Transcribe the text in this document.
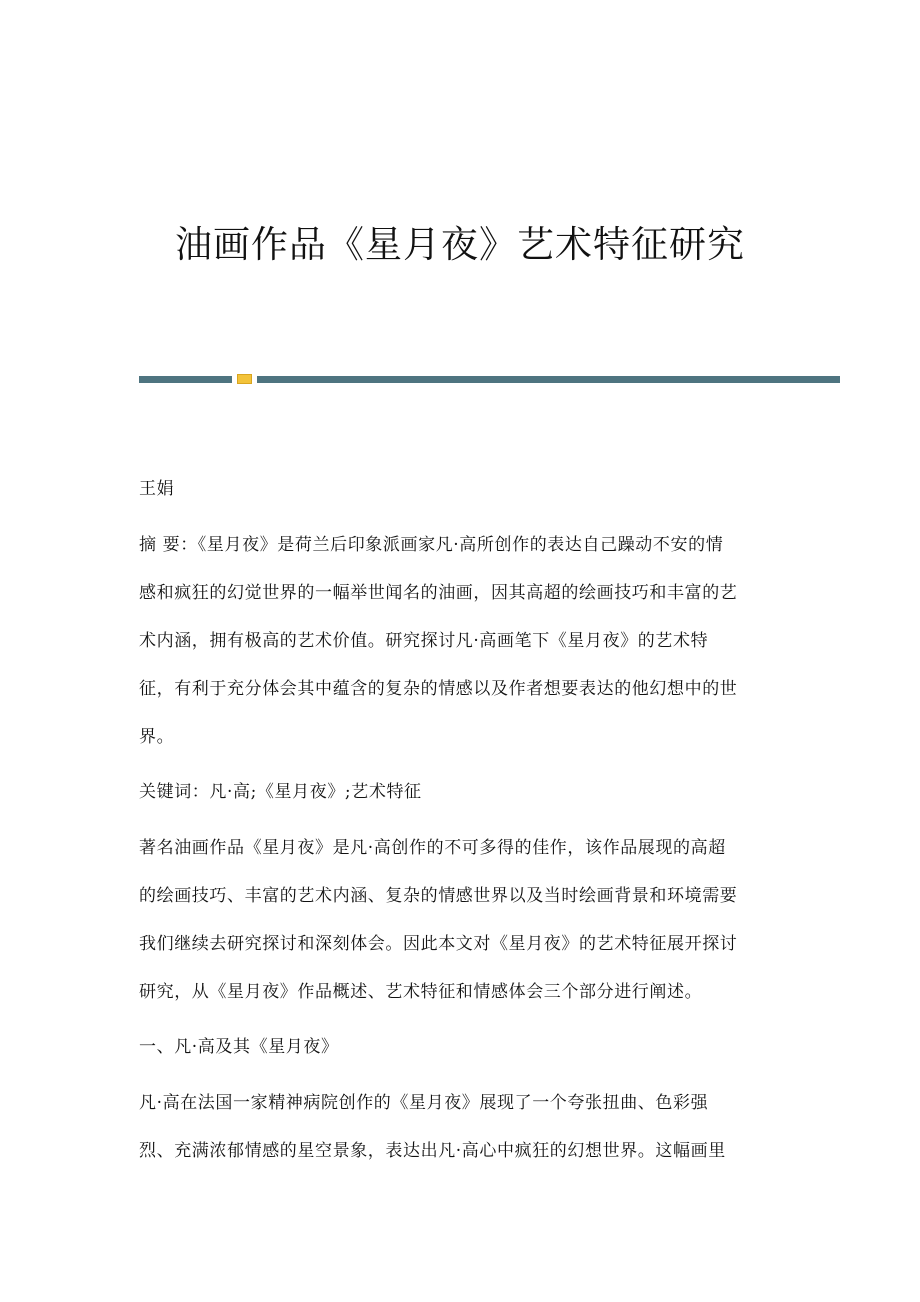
油画作品《星月夜》艺术特征研究
王娟
摘 要：《星月夜》是荷兰后印象派画家凡·高所创作的表达自己躁动不安的情
感和疯狂的幻觉世界的一幅举世闻名的油画，因其高超的绘画技巧和丰富的艺
术内涵，拥有极高的艺术价值。研究探讨凡·高画笔下《星月夜》的艺术特
征，有利于充分体会其中蕴含的复杂的情感以及作者想要表达的他幻想中的世
界。
关键词：凡·高;《星月夜》;艺术特征
著名油画作品《星月夜》是凡·高创作的不可多得的佳作，该作品展现的高超
的绘画技巧、丰富的艺术内涵、复杂的情感世界以及当时绘画背景和环境需要
我们继续去研究探讨和深刻体会。因此本文对《星月夜》的艺术特征展开探讨
研究，从《星月夜》作品概述、艺术特征和情感体会三个部分进行阐述。
一、凡·高及其《星月夜》
凡·高在法国一家精神病院创作的《星月夜》展现了一个夸张扭曲、色彩强
烈、充满浓郁情感的星空景象，表达出凡·高心中疯狂的幻想世界。这幅画里
